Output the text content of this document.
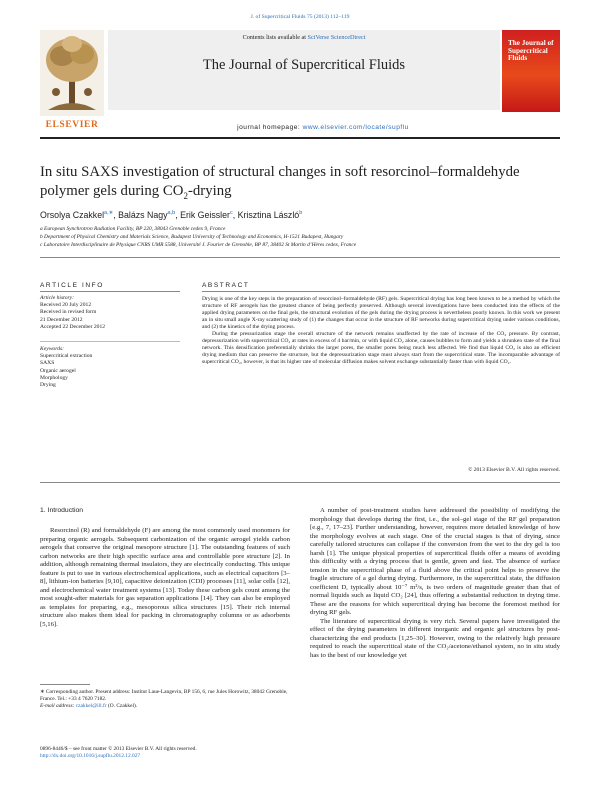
J. of Supercritical Fluids 75 (2013) 112–119
Contents lists available at SciVerse ScienceDirect
The Journal of Supercritical Fluids
ELSEVIER
The Journal of Supercritical Fluids
journal homepage: www.elsevier.com/locate/supflu
In situ SAXS investigation of structural changes in soft resorcinol–formaldehyde
polymer gels during $CO_2$-drying
Orsolya Czakkel$^{a,∗}$, Balázs Nagy$^{a,b}$, Erik Geissler$^c$, Krisztina László$^b$
a European Synchrotron Radiation Facility, BP 220, 38043 Grenoble cedex 9, France
b Department of Physical Chemistry and Materials Science, Budapest University of Technology and Economics, H-1521 Budapest, Hungary
c Laboratoire Interdisciplinaire de Physique CNRS UMR 5588, Université J. Fourier de Grenoble, BP 87, 38402 St Martin d’Hères cedex, France
ARTICLE INFO
Article history:
Received 20 July 2012
Received in revised form
21 December 2012
Accepted 22 December 2012
Keywords:
Supercritical extraction
SAXS
Organic aerogel
Morphology
Drying
ABSTRACT

Drying is one of the key steps in the preparation of resorcinol–formaldehyde (RF) gels. Supercritical drying has long been known to be a method by which the structure of RF aerogels has the greatest chance of being perfectly preserved. Although several investigations have been conducted into the effects of the applied drying parameters on the final gels, the structural evolution of the gels during the drying process is nevertheless poorly known. In this work we present an in situ small angle X-ray scattering study of (1) the changes that occur in the structure of RF networks during supercritical drying under various conditions, and (2) the kinetics of the drying process.

During the pressurization stage the overall structure of the network remains unaffected by the rate of increase of the CO₂ pressure. By contrast, depressurization with supercritical CO₂ at rates in excess of 4 bar/min, or with liquid CO₂ alone, causes bubbles to form and yields a shrunken state of the final network. This densification preferentially shrinks the larger pores, the smaller pores being much less affected. We find that liquid CO₂ is also an efficient drying medium that can preserve the structure, but the depressurization stage must always start from the supercritical state. The incomparable advantage of supercritical CO₂, however, is that its higher rate of molecular diffusion makes solvent exchange substantially faster than with liquid CO₂.

© 2013 Elsevier B.V. All rights reserved.
1. Introduction

Resorcinol (R) and formaldehyde (F) are among the most commonly used monomers for preparing organic aerogels. Subsequent carbonization of the organic aerogel yields carbon aerogels that conserve the original mesopore structure [1]. The outstanding features of such carbon networks are their high specific surface area and controllable pore structure [2]. In addition, although remaining thermal insulators, they are electrically conducting. This unique feature is put to use in various electrochemical applications, such as electrical capacitors [3–8], lithium-ion batteries [9,10], capacitive deionization (CDI) processes [11], solar cells [12], and electrochemical water treatment systems [13]. Today these carbon gels count among the most sought-after materials for gas separation applications [14]. They can also be employed as templates for preparing, e.g., mesoporous silica structures [15]. Their rich internal structure also makes them ideal for packing in chromatography columns or as adsorbents [5,16].

A number of post-treatment studies have addressed the possibility of modifying the morphology that develops during the first, i.e., the sol–gel stage of the RF gel preparation [e.g., 7, 17–23]. Further understanding, however, requires more detailed knowledge of how the morphology evolves at each stage. One of the crucial stages is that of drying, since carefully tailored structures can collapse if the conversion from the wet to the dry gel is too harsh [1]. The unique physical properties of supercritical fluids offer a means of avoiding this difficulty with a drying process that is gentle, green and fast. The absence of surface tension in the supercritical phase of a fluid above the critical point helps to preserve the fragile structure of a gel during drying. Furthermore, in the supercritical state, the diffusion coefficient D, typically about 10⁻⁷ m²/s, is two orders of magnitude greater than that of normal liquids such as liquid CO₂ [24], thus offering a substantial reduction in drying time. These are the reasons for which supercritical drying has become the foremost method for drying RF gels.

The literature of supercritical drying is very rich. Several papers have investigated the effect of the drying parameters in different inorganic and organic gel structures by post-characterizing the end products [1,25–30]. However, owing to the relatively high pressure required to reach the supercritical state of the CO₂/acetone/ethanol system, no in situ study has to the best of our knowledge yet

∗ Corresponding author. Present address: Institut Laue-Langevin, BP 156, 6, rue Jules Horowitz, 38042 Grenoble, France. Tel.: +33 4 7620 7182.
E-mail address: czakkel@ill.fr (O. Czakkel).
0896-8446/$ – see front matter © 2013 Elsevier B.V. All rights reserved.
http://dx.doi.org/10.1016/j.supflu.2012.12.027
